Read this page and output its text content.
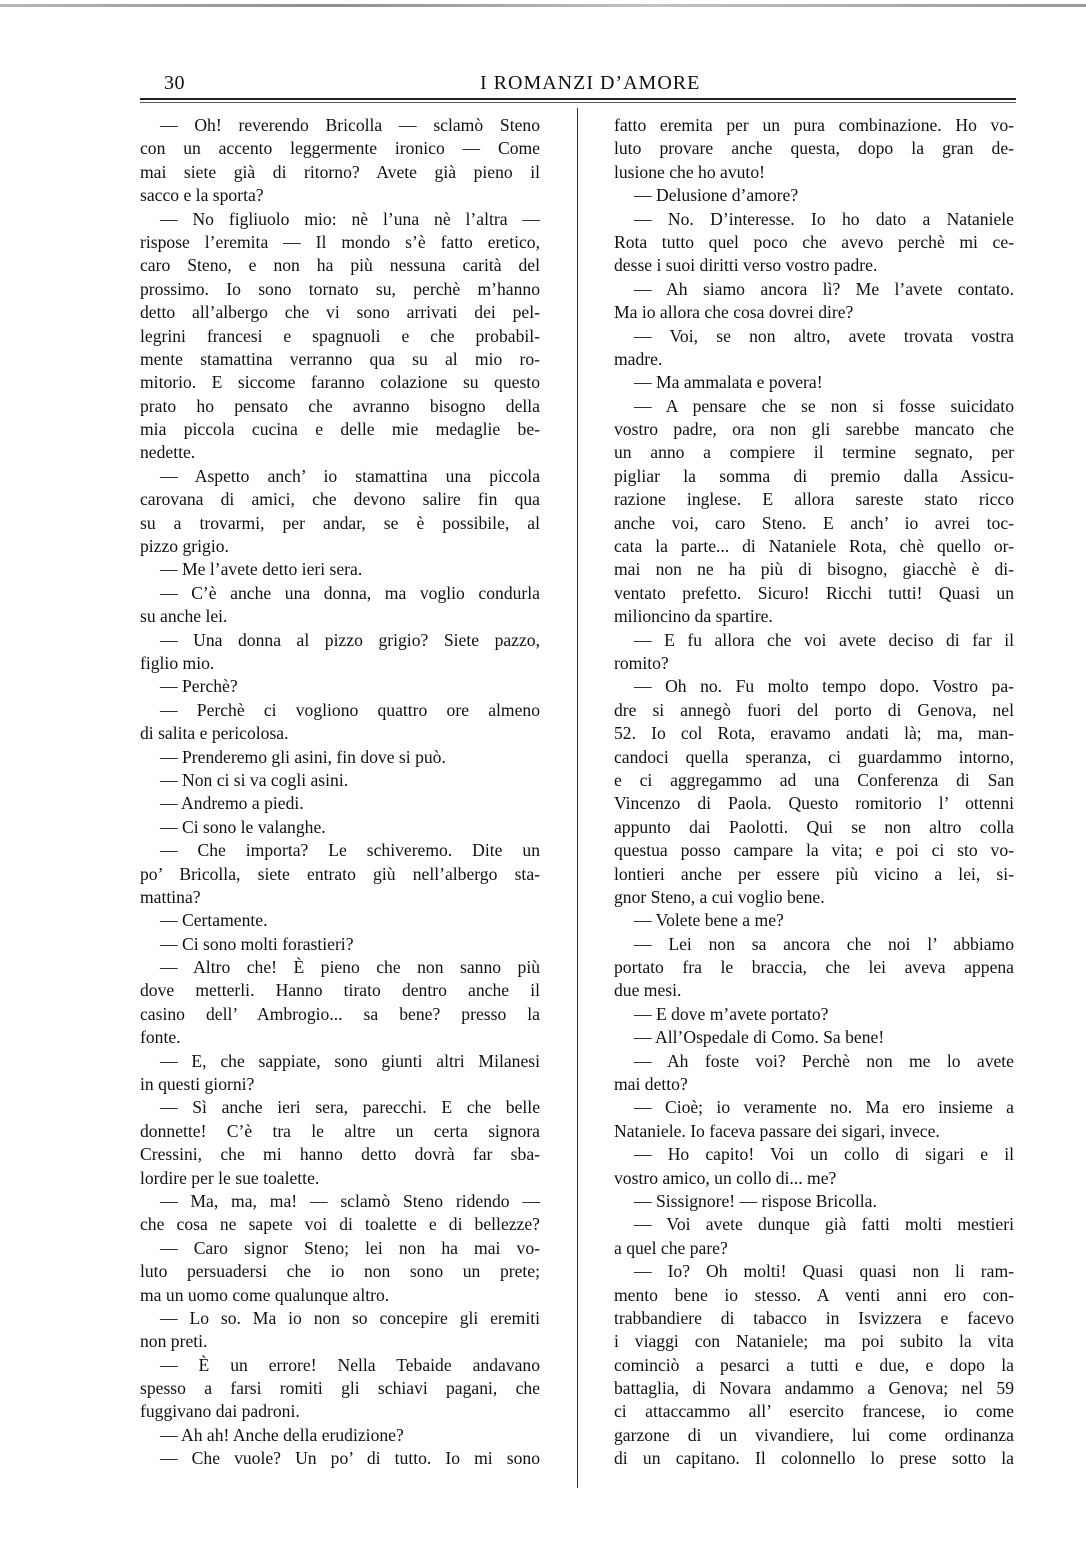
30	I ROMANZI D’AMORE
— Oh! reverendo Bricolla — sclamò Steno
con un accento leggermente ironico — Come
mai siete già di ritorno? Avete già pieno il
sacco e la sporta?
— No figliuolo mio: nè l’una nè l’altra —
rispose l’eremita — Il mondo s’è fatto eretico,
caro Steno, e non ha più nessuna carità del
prossimo. Io sono tornato su, perchè m’hanno
detto all’albergo che vi sono arrivati dei pel-
legrini francesi e spagnuoli e che probabil-
mente stamattina verranno qua su al mio ro-
mitorio. E siccome faranno colazione su questo
prato ho pensato che avranno bisogno della
mia piccola cucina e delle mie medaglie be-
nedette.
— Aspetto anch’ io stamattina una piccola
carovana di amici, che devono salire fin qua
su a trovarmi, per andar, se è possibile, al
pizzo grigio.
— Me l’avete detto ieri sera.
— C’è anche una donna, ma voglio condurla
su anche lei.
— Una donna al pizzo grigio? Siete pazzo,
figlio mio.
— Perchè?
— Perchè ci vogliono quattro ore almeno
di salita e pericolosa.
— Prenderemo gli asini, fin dove si può.
— Non ci si va cogli asini.
— Andremo a piedi.
— Ci sono le valanghe.
— Che importa? Le schiveremo. Dite un
po’ Bricolla, siete entrato giù nell’albergo sta-
mattina?
— Certamente.
— Ci sono molti forastieri?
— Altro che! È pieno che non sanno più
dove metterli. Hanno tirato dentro anche il
casino dell’ Ambrogio... sa bene? presso la
fonte.
— E, che sappiate, sono giunti altri Milanesi
in questi giorni?
— Sì anche ieri sera, parecchi. E che belle
donnette! C’è tra le altre un certa signora
Cressini, che mi hanno detto dovrà far sba-
lordire per le sue toalette.
— Ma, ma, ma! — sclamò Steno ridendo —
che cosa ne sapete voi di toalette e di bellezze?
— Caro signor Steno; lei non ha mai vo-
luto persuadersi che io non sono un prete;
ma un uomo come qualunque altro.
— Lo so. Ma io non so concepire gli eremiti
non preti.
— È un errore! Nella Tebaide andavano
spesso a farsi romiti gli schiavi pagani, che
fuggivano dai padroni.
— Ah ah! Anche della erudizione?
— Che vuole? Un po’ di tutto. Io mi sono
fatto eremita per un pura combinazione. Ho vo-
luto provare anche questa, dopo la gran de-
lusione che ho avuto!
— Delusione d’amore?
— No. D’interesse. Io ho dato a Nataniele
Rota tutto quel poco che avevo perchè mi ce-
desse i suoi diritti verso vostro padre.
— Ah siamo ancora lì? Me l’avete contato.
Ma io allora che cosa dovrei dire?
— Voi, se non altro, avete trovata vostra
madre.
— Ma ammalata e povera!
— A pensare che se non si fosse suicidato
vostro padre, ora non gli sarebbe mancato che
un anno a compiere il termine segnato, per
pigliar la somma di premio dalla Assicu-
razione inglese. E allora sareste stato ricco
anche voi, caro Steno. E anch’ io avrei toc-
cata la parte... di Nataniele Rota, chè quello or-
mai non ne ha più di bisogno, giacchè è di-
ventato prefetto. Sicuro! Ricchi tutti! Quasi un
milioncino da spartire.
— E fu allora che voi avete deciso di far il
romito?
— Oh no. Fu molto tempo dopo. Vostro pa-
dre si annegò fuori del porto di Genova, nel
52. Io col Rota, eravamo andati là; ma, man-
candoci quella speranza, ci guardammo intorno,
e ci aggregammo ad una Conferenza di San
Vincenzo di Paola. Questo romitorio l’ ottenni
appunto dai Paolotti. Qui se non altro colla
questua posso campare la vita; e poi ci sto vo-
lontieri anche per essere più vicino a lei, si-
gnor Steno, a cui voglio bene.
— Volete bene a me?
— Lei non sa ancora che noi l’ abbiamo
portato fra le braccia, che lei aveva appena
due mesi.
— E dove m’avete portato?
— All’Ospedale di Como. Sa bene!
— Ah foste voi? Perchè non me lo avete
mai detto?
— Cioè; io veramente no. Ma ero insieme a
Nataniele. Io faceva passare dei sigari, invece.
— Ho capito! Voi un collo di sigari e il
vostro amico, un collo di... me?
— Sissignore! — rispose Bricolla.
— Voi avete dunque già fatti molti mestieri
a quel che pare?
— Io? Oh molti! Quasi quasi non li ram-
mento bene io stesso. A venti anni ero con-
trabbandiere di tabacco in Isvizzera e facevo
i viaggi con Nataniele; ma poi subito la vita
cominciò a pesarci a tutti e due, e dopo la
battaglia, di Novara andammo a Genova; nel 59
ci attaccammo all’ esercito francese, io come
garzone di un vivandiere, lui come ordinanza
di un capitano. Il colonnello lo prese sotto la
